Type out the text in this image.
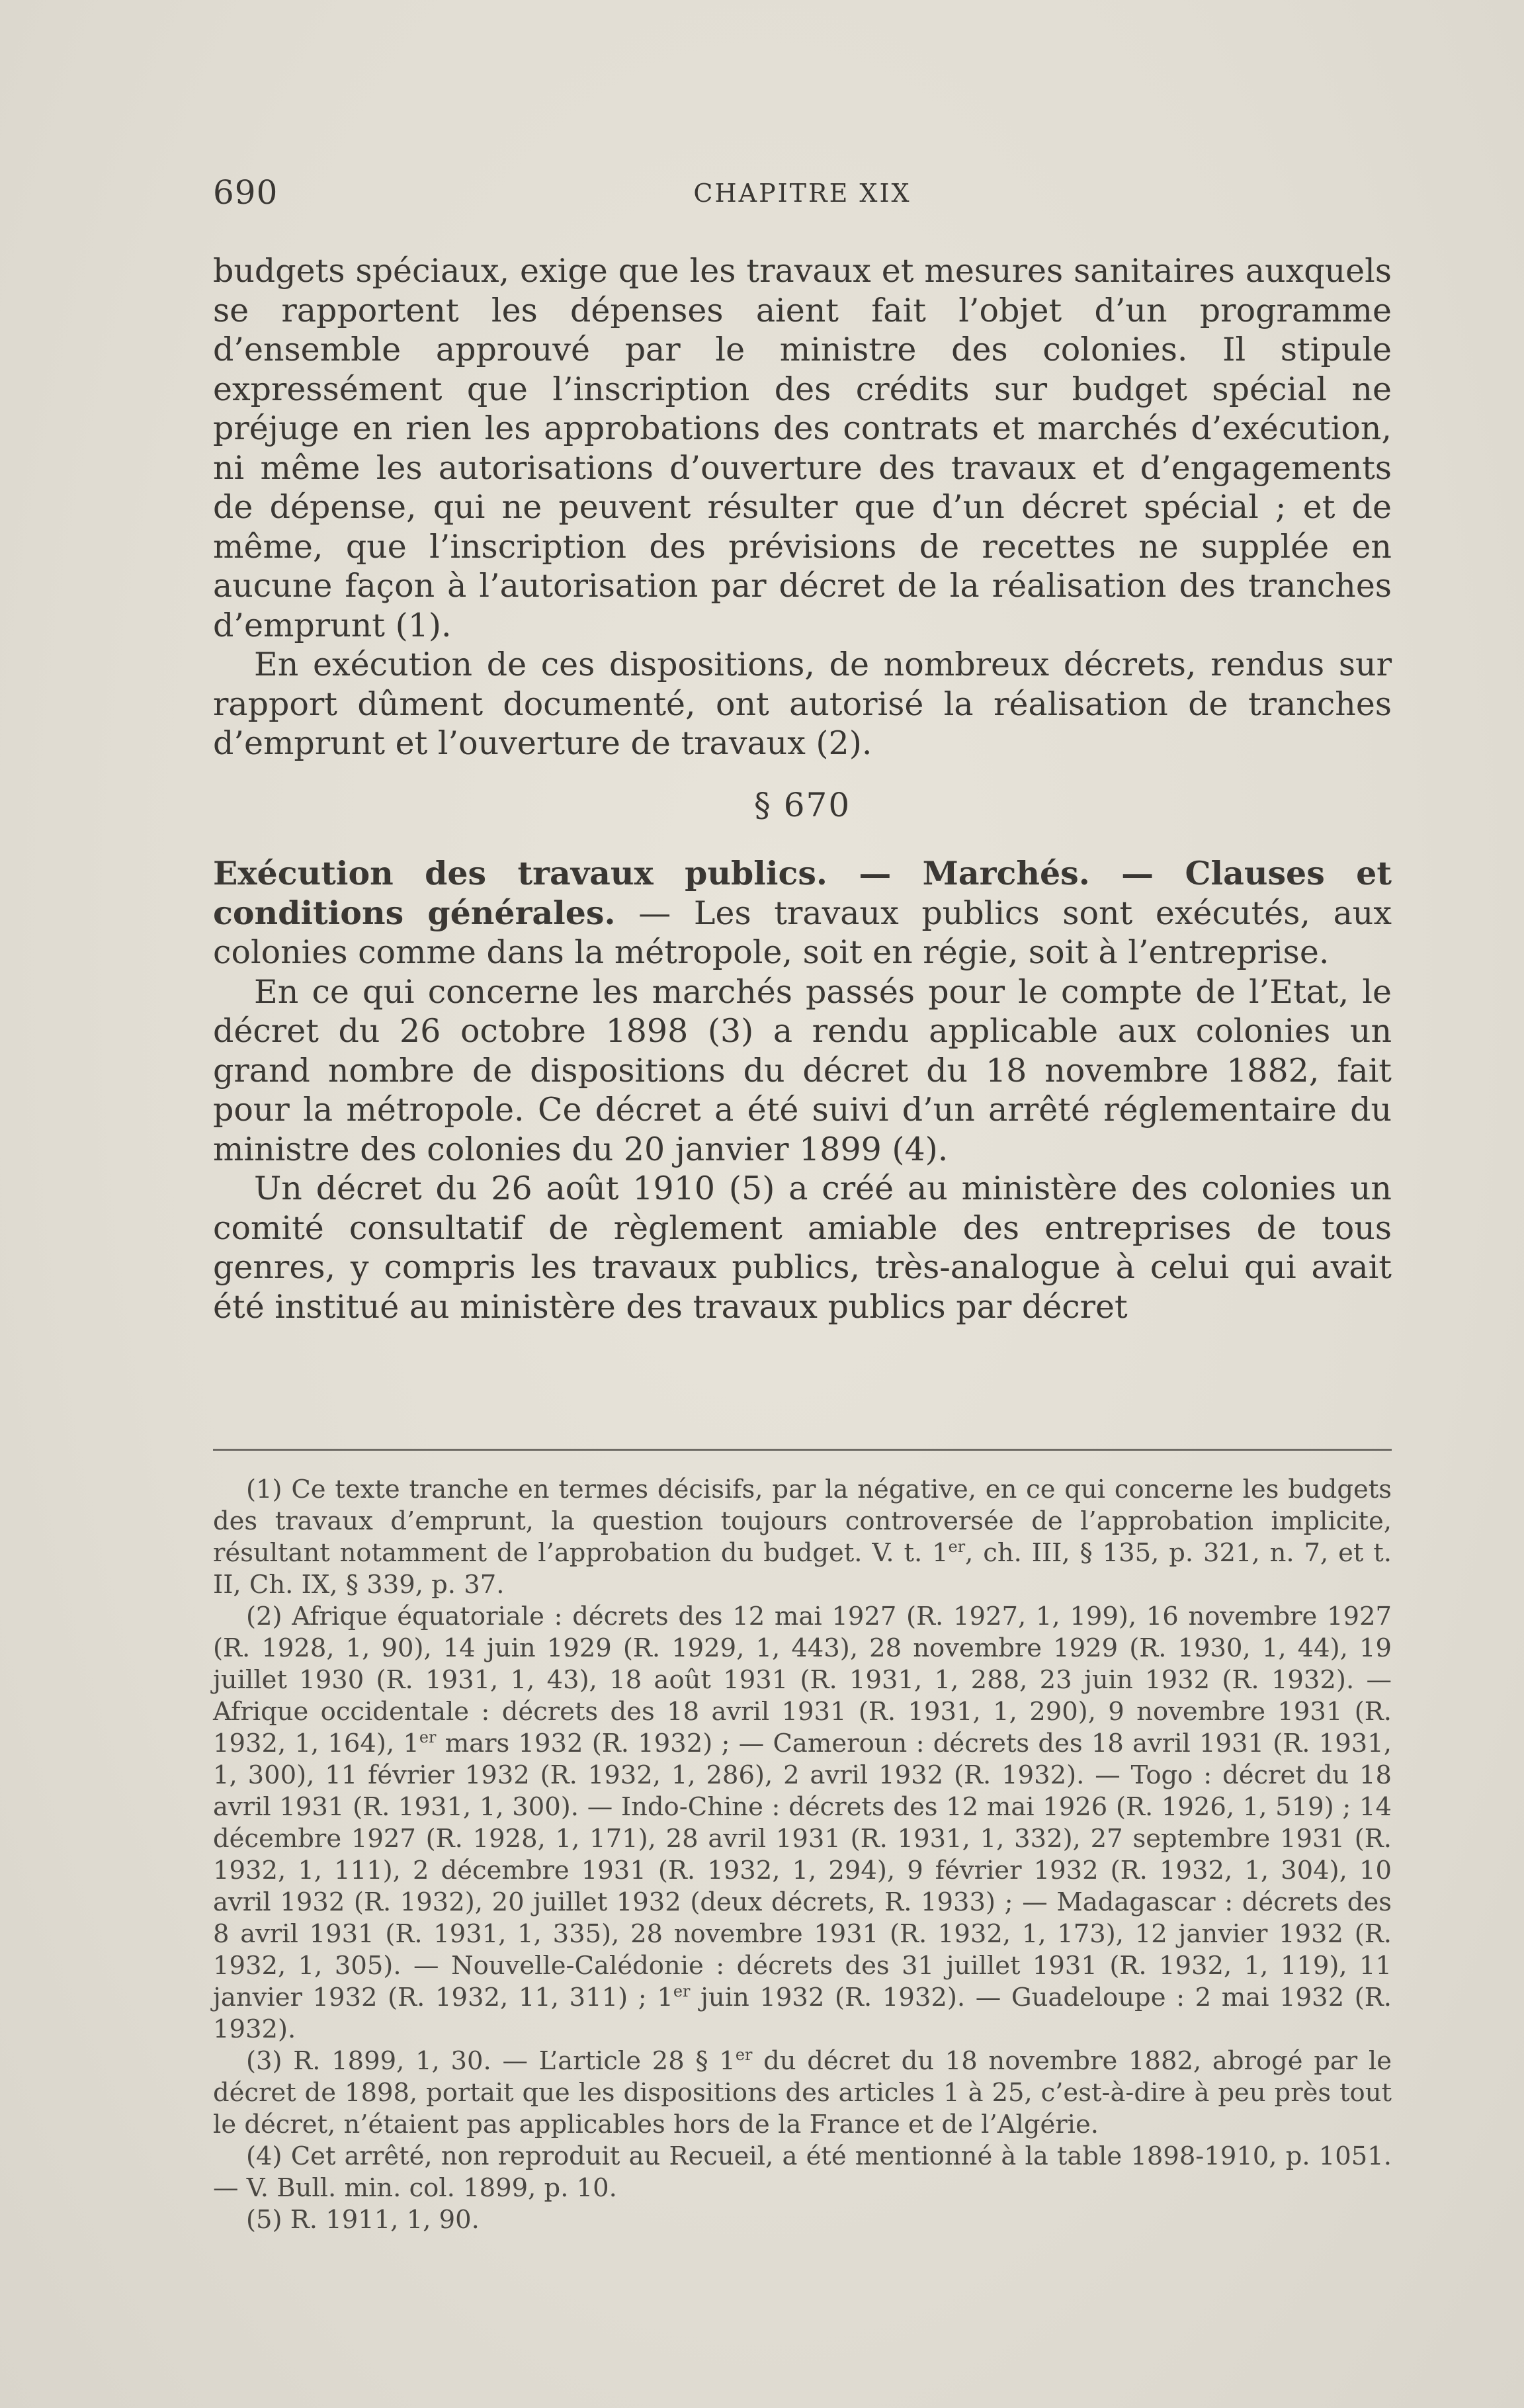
690	CHAPITRE XIX

budgets spéciaux, exige que les travaux et mesures sanitaires auxquels se rapportent les dépenses aient fait l’objet d’un programme d’ensemble approuvé par le ministre des colonies. Il stipule expressément que l’inscription des crédits sur budget spécial ne préjuge en rien les approbations des contrats et marchés d’exécution, ni même les autorisations d’ouverture des travaux et d’engagements de dépense, qui ne peuvent résulter que d’un décret spécial ; et de même, que l’inscription des prévisions de recettes ne supplée en aucune façon à l’autorisation par décret de la réalisation des tranches d’emprunt (1).

En exécution de ces dispositions, de nombreux décrets, rendus sur rapport dûment documenté, ont autorisé la réalisation de tranches d’emprunt et l’ouverture de travaux (2).

§ 670

Exécution des travaux publics. — Marchés. — Clauses et conditions générales. — Les travaux publics sont exécutés, aux colonies comme dans la métropole, soit en régie, soit à l’entreprise.

En ce qui concerne les marchés passés pour le compte de l’Etat, le décret du 26 octobre 1898 (3) a rendu applicable aux colonies un grand nombre de dispositions du décret du 18 novembre 1882, fait pour la métropole. Ce décret a été suivi d’un arrêté réglementaire du ministre des colonies du 20 janvier 1899 (4).

Un décret du 26 août 1910 (5) a créé au ministère des colonies un comité consultatif de règlement amiable des entreprises de tous genres, y compris les travaux publics, très-analogue à celui qui avait été institué au ministère des travaux publics par décret

(1) Ce texte tranche en termes décisifs, par la négative, en ce qui concerne les budgets des travaux d’emprunt, la question toujours controversée de l’approbation implicite, résultant notamment de l’approbation du budget. V. t. 1er, ch. III, § 135, p. 321, n. 7, et t. II, Ch. IX, § 339, p. 37.

(2) Afrique équatoriale : décrets des 12 mai 1927 (R. 1927, 1, 199), 16 novembre 1927 (R. 1928, 1, 90), 14 juin 1929 (R. 1929, 1, 443), 28 novembre 1929 (R. 1930, 1, 44), 19 juillet 1930 (R. 1931, 1, 43), 18 août 1931 (R. 1931, 1, 288, 23 juin 1932 (R. 1932). — Afrique occidentale : décrets des 18 avril 1931 (R. 1931, 1, 290), 9 novembre 1931 (R. 1932, 1, 164), 1er mars 1932 (R. 1932) ; — Cameroun : décrets des 18 avril 1931 (R. 1931, 1, 300), 11 février 1932 (R. 1932, 1, 286), 2 avril 1932 (R. 1932). — Togo : décret du 18 avril 1931 (R. 1931, 1, 300). — Indo-Chine : décrets des 12 mai 1926 (R. 1926, 1, 519) ; 14 décembre 1927 (R. 1928, 1, 171), 28 avril 1931 (R. 1931, 1, 332), 27 septembre 1931 (R. 1932, 1, 111), 2 décembre 1931 (R. 1932, 1, 294), 9 février 1932 (R. 1932, 1, 304), 10 avril 1932 (R. 1932), 20 juillet 1932 (deux décrets, R. 1933) ; — Madagascar : décrets des 8 avril 1931 (R. 1931, 1, 335), 28 novembre 1931 (R. 1932, 1, 173), 12 janvier 1932 (R. 1932, 1, 305). — Nouvelle-Calédonie : décrets des 31 juillet 1931 (R. 1932, 1, 119), 11 janvier 1932 (R. 1932, 11, 311) ; 1er juin 1932 (R. 1932). — Guadeloupe : 2 mai 1932 (R. 1932).

(3) R. 1899, 1, 30. — L’article 28 § 1er du décret du 18 novembre 1882, abrogé par le décret de 1898, portait que les dispositions des articles 1 à 25, c’est-à-dire à peu près tout le décret, n’étaient pas applicables hors de la France et de l’Algérie.

(4) Cet arrêté, non reproduit au Recueil, a été mentionné à la table 1898-1910, p. 1051. — V. Bull. min. col. 1899, p. 10.

(5) R. 1911, 1, 90.
